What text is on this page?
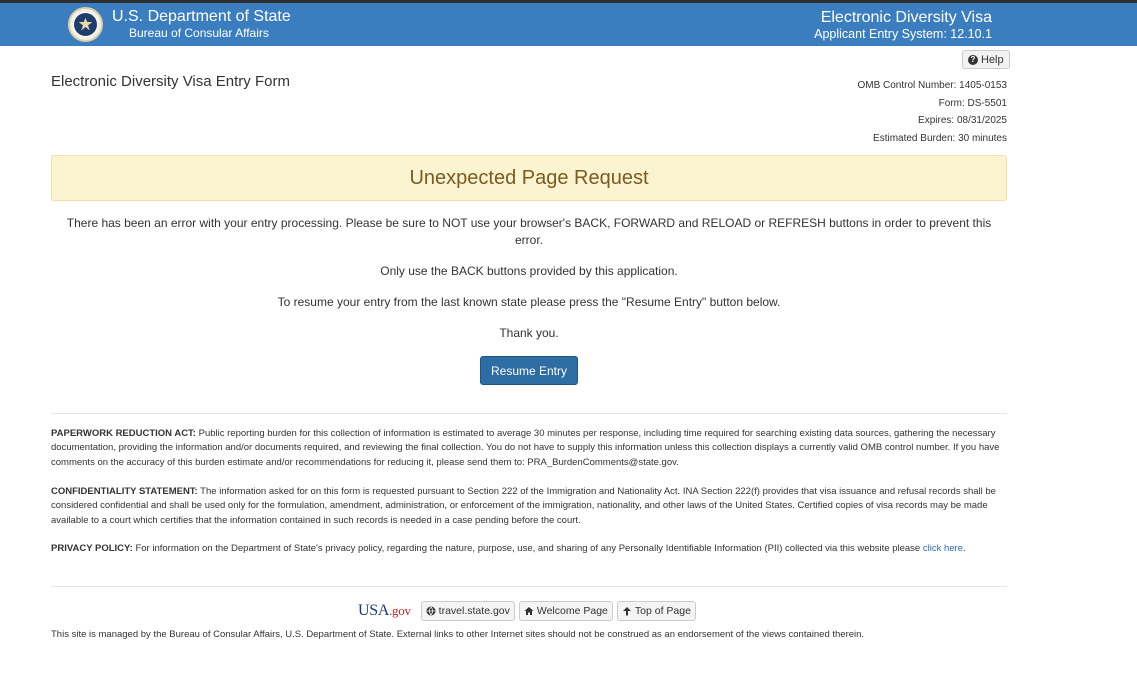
U.S. Department of State
Bureau of Consular Affairs
Electronic Diversity Visa
Applicant Entry System: 12.10.1
? Help
Electronic Diversity Visa Entry Form	OMB Control Number: 1405-0153
Form: DS-5501
Expires: 08/31/2025
Estimated Burden: 30 minutes
Unexpected Page Request
There has been an error with your entry processing. Please be sure to NOT use your browser's BACK, FORWARD and RELOAD or REFRESH buttons in order to prevent this error.
Only use the BACK buttons provided by this application.
To resume your entry from the last known state please press the "Resume Entry" button below.
Thank you.
Resume Entry
PAPERWORK REDUCTION ACT: Public reporting burden for this collection of information is estimated to average 30 minutes per response, including time required for searching existing data sources, gathering the necessary documentation, providing the information and/or documents required, and reviewing the final collection. You do not have to supply this information unless this collection displays a currently valid OMB control number. If you have comments on the accuracy of this burden estimate and/or recommendations for reducing it, please send them to: PRA_BurdenComments@state.gov.
CONFIDENTIALITY STATEMENT: The information asked for on this form is requested pursuant to Section 222 of the Immigration and Nationality Act. INA Section 222(f) provides that visa issuance and refusal records shall be considered confidential and shall be used only for the formulation, amendment, administration, or enforcement of the immigration, nationality, and other laws of the United States. Certified copies of visa records may be made available to a court which certifies that the information contained in such records is needed in a case pending before the court.
PRIVACY POLICY: For information on the Department of State's privacy policy, regarding the nature, purpose, use, and sharing of any Personally Identifiable Information (PII) collected via this website please click here.
USA.gov	travel.state.gov	Welcome Page	Top of Page
This site is managed by the Bureau of Consular Affairs, U.S. Department of State. External links to other Internet sites should not be construed as an endorsement of the views contained therein.
